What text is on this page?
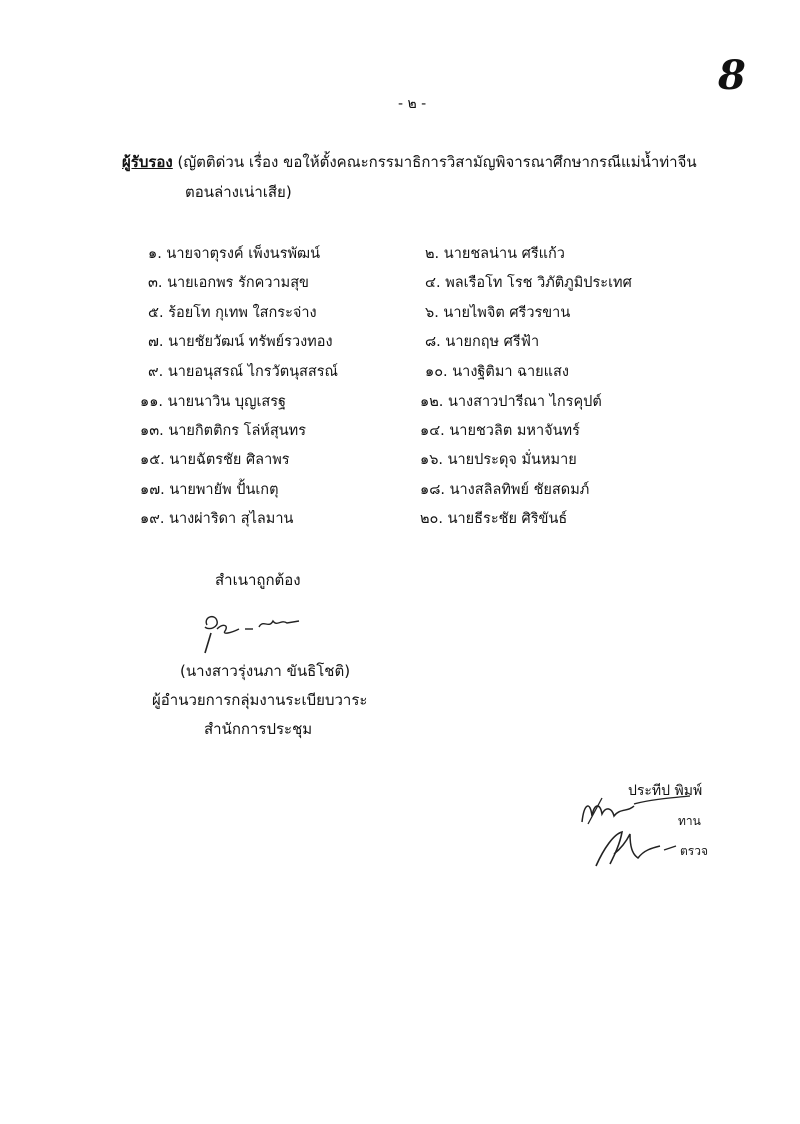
8
- ๒ -
ผู้รับรอง (ญัตติด่วน เรื่อง ขอให้ตั้งคณะกรรมาธิการวิสามัญพิจารณาศึกษากรณีแม่น้ำท่าจีน
ตอนล่างเน่าเสีย)
๑. นายจาตุรงค์ เพ็งนรพัฒน์
๓. นายเอกพร รักความสุข
๕. ร้อยโท กุเทพ ใสกระจ่าง
๗. นายชัยวัฒน์ ทรัพย์รวงทอง
๙. นายอนุสรณ์ ไกรวัตนุสสรณ์
๑๑. นายนาวิน บุญเสรฐ
๑๓. นายกิตติกร โล่ห์สุนทร
๑๕. นายฉัตรชัย ศิลาพร
๑๗. นายพายัพ ปั้นเกตุ
๑๙. นางผ่าริดา สุไลมาน
๒. นายชลน่าน ศรีแก้ว
๔. พลเรือโท โรช วิภัติภูมิประเทศ
๖. นายไพจิต ศรีวรขาน
๘. นายกฤษ ศรีฟ้า
๑๐. นางฐิติมา ฉายแสง
๑๒. นางสาวปารีณา ไกรคุปต์
๑๔. นายชวลิต มหาจันทร์
๑๖. นายประดุจ มั่นหมาย
๑๘. นางสลิลทิพย์ ชัยสดมภ์
๒๐. นายธีระชัย ศิริขันธ์
สำเนาถูกต้อง
(นางสาวรุ่งนภา ขันธิโชติ)
ผู้อำนวยการกลุ่มงานระเบียบวาระ
สำนักการประชุม
ประทีป พิมพ์
ทาน
ตรวจ
